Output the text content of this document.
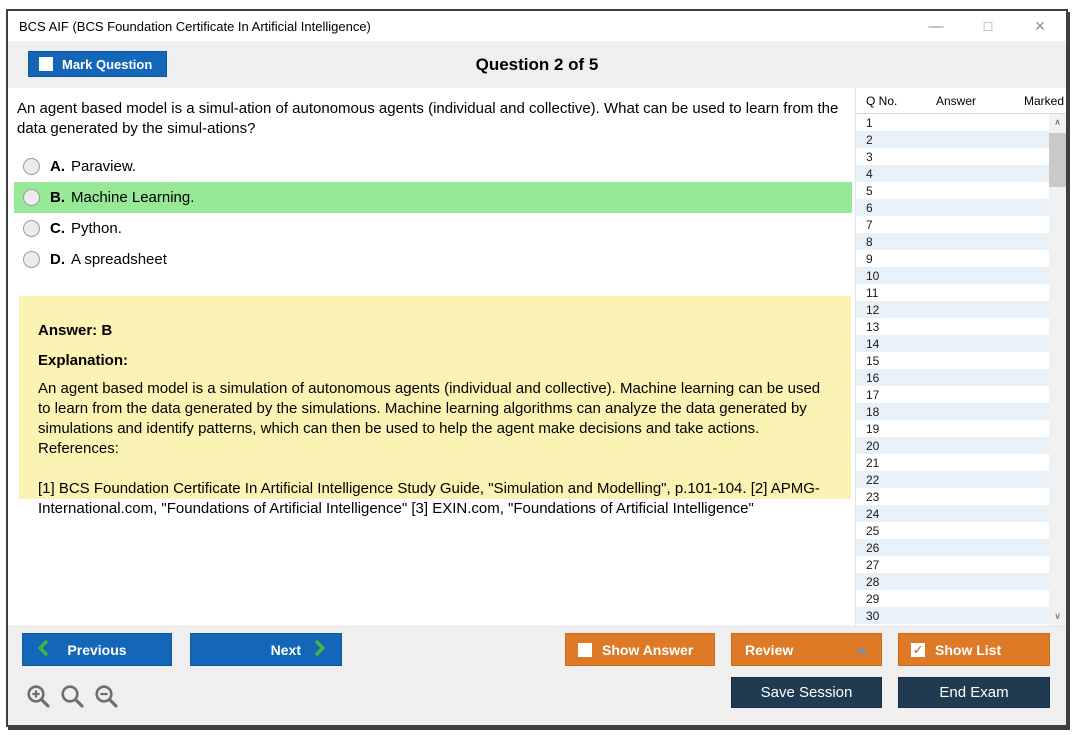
BCS AIF (BCS Foundation Certificate In Artificial Intelligence)	—	□	×
Mark Question	Question 2 of 5
An agent based model is a simul-ation of autonomous agents (individual and collective). What can be used to learn from the data generated by the simul-ations?
A. Paraview.
B. Machine Learning.
C. Python.
D. A spreadsheet
Answer: B
Explanation:
An agent based model is a simulation of autonomous agents (individual and collective). Machine learning can be used to learn from the data generated by the simulations. Machine learning algorithms can analyze the data generated by simulations and identify patterns, which can then be used to help the agent make decisions and take actions. References:
[1] BCS Foundation Certificate In Artificial Intelligence Study Guide, "Simulation and Modelling", p.101-104. [2] APMG-International.com, "Foundations of Artificial Intelligence" [3] EXIN.com, "Foundations of Artificial Intelligence"
Q No.	Answer	Marked
1
2
3
4
5
6
7
8
9
10
11
12
13
14
15
16
17
18
19
20
21
22
23
24
25
26
27
28
29
30
∧
∨
Previous	Next	Show Answer	Review	✓ Show List
Save Session	End Exam
